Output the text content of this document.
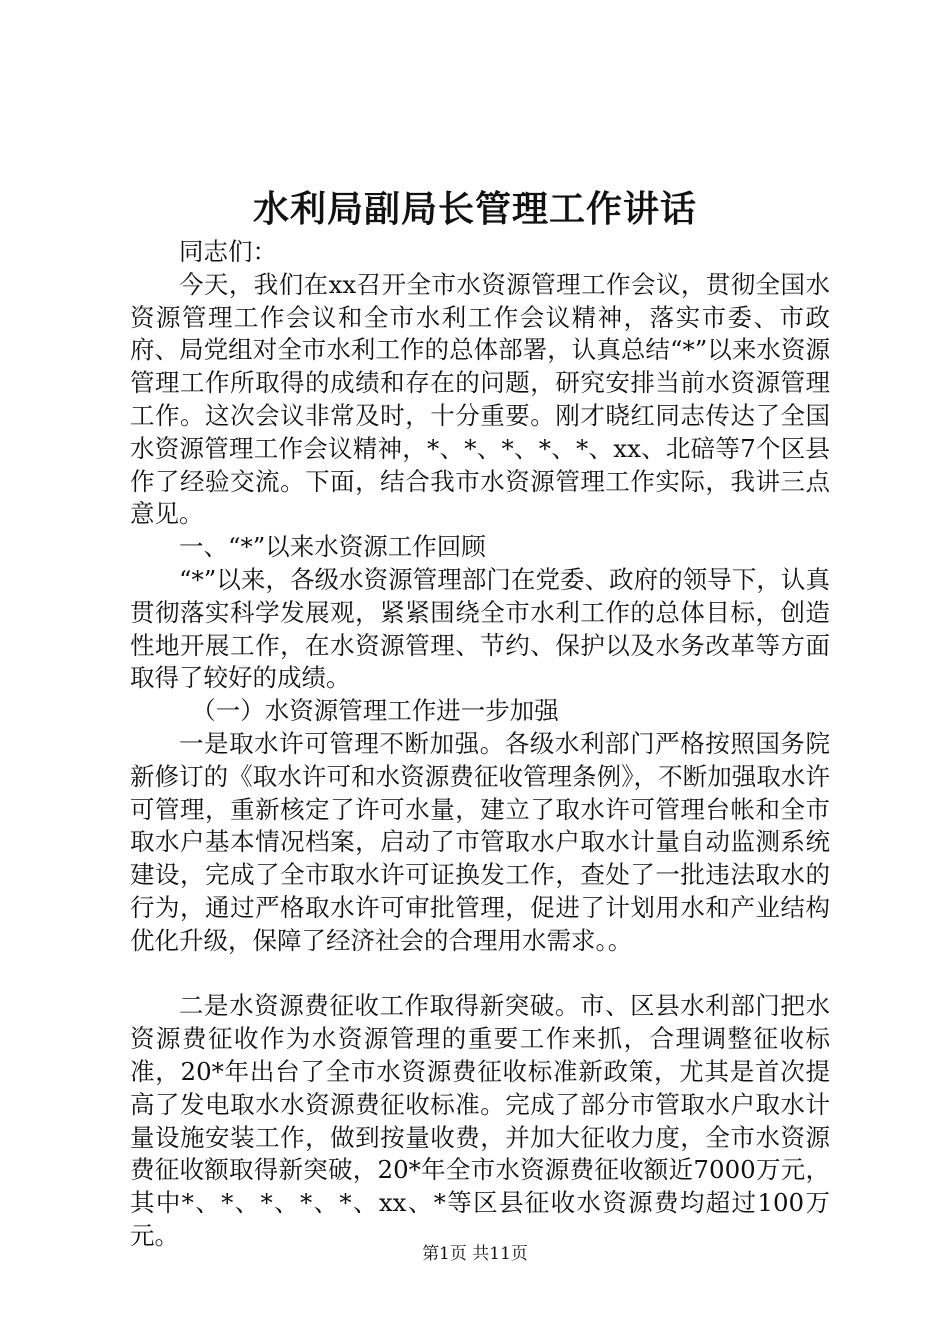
水利局副局长管理工作讲话

同志们：

今天，我们在xx召开全市水资源管理工作会议，贯彻全国水资源管理工作会议和全市水利工作会议精神，落实市委、市政府、局党组对全市水利工作的总体部署，认真总结“*”以来水资源管理工作所取得的成绩和存在的问题，研究安排当前水资源管理工作。这次会议非常及时，十分重要。刚才晓红同志传达了全国水资源管理工作会议精神，*、*、*、*、*、xx、北碚等7个区县作了经验交流。下面，结合我市水资源管理工作实际，我讲三点意见。

一、“*”以来水资源工作回顾

“*”以来，各级水资源管理部门在党委、政府的领导下，认真贯彻落实科学发展观，紧紧围绕全市水利工作的总体目标，创造性地开展工作，在水资源管理、节约、保护以及水务改革等方面取得了较好的成绩。

（一）水资源管理工作进一步加强

一是取水许可管理不断加强。各级水利部门严格按照国务院新修订的《取水许可和水资源费征收管理条例》，不断加强取水许可管理，重新核定了许可水量，建立了取水许可管理台帐和全市取水户基本情况档案，启动了市管取水户取水计量自动监测系统建设，完成了全市取水许可证换发工作，查处了一批违法取水的行为，通过严格取水许可审批管理，促进了计划用水和产业结构优化升级，保障了经济社会的合理用水需求。。

二是水资源费征收工作取得新突破。市、区县水利部门把水资源费征收作为水资源管理的重要工作来抓，合理调整征收标准，20*年出台了全市水资源费征收标准新政策，尤其是首次提高了发电取水水资源费征收标准。完成了部分市管取水户取水计量设施安装工作，做到按量收费，并加大征收力度，全市水资源费征收额取得新突破，20*年全市水资源费征收额近7000万元，其中*、*、*、*、*、xx、*等区县征收水资源费均超过100万元。

第1页 共11页
